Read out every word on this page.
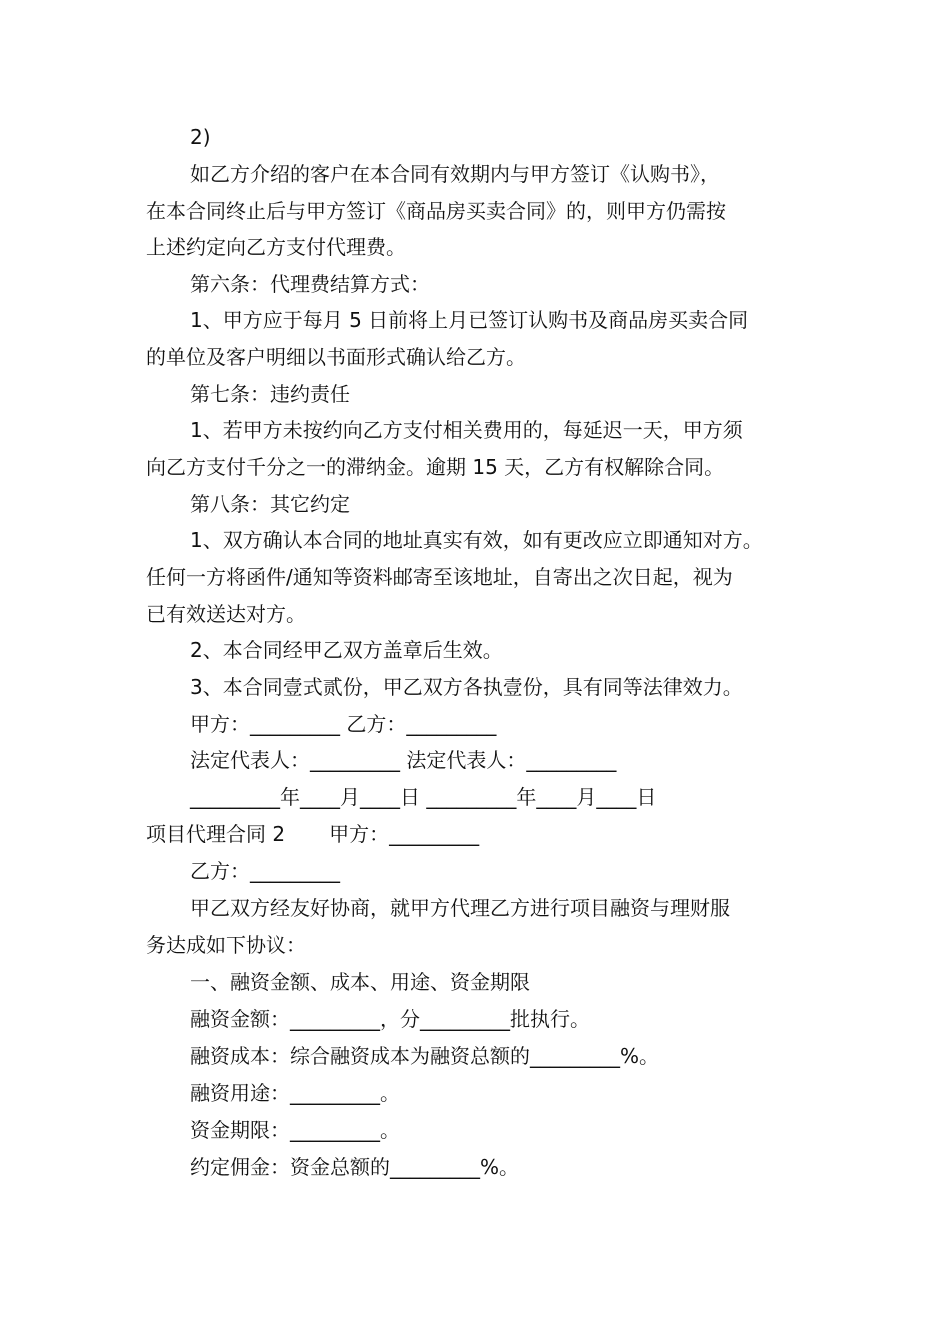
2)
如乙方介绍的客户在本合同有效期内与甲方签订《认购书》，
在本合同终止后与甲方签订《商品房买卖合同》的，则甲方仍需按
上述约定向乙方支付代理费。
第六条：代理费结算方式：
1、甲方应于每月 5 日前将上月已签订认购书及商品房买卖合同
的单位及客户明细以书面形式确认给乙方。
第七条：违约责任
1、若甲方未按约向乙方支付相关费用的，每延迟一天，甲方须
向乙方支付千分之一的滞纳金。逾期 15 天，乙方有权解除合同。
第八条：其它约定
1、双方确认本合同的地址真实有效，如有更改应立即通知对方。
任何一方将函件/通知等资料邮寄至该地址，自寄出之次日起，视为
已有效送达对方。
2、本合同经甲乙双方盖章后生效。
3、本合同壹式贰份，甲乙双方各执壹份，具有同等法律效力。
甲方：_________ 乙方：_________
法定代表人：_________ 法定代表人：_________
_________年____月____日 _________年____月____日
项目代理合同 2 甲方：_________
乙方：_________
甲乙双方经友好协商，就甲方代理乙方进行项目融资与理财服
务达成如下协议：
一、融资金额、成本、用途、资金期限
融资金额：_________，分_________批执行。
融资成本：综合融资成本为融资总额的_________%。
融资用途：_________。
资金期限：_________。
约定佣金：资金总额的_________%。
